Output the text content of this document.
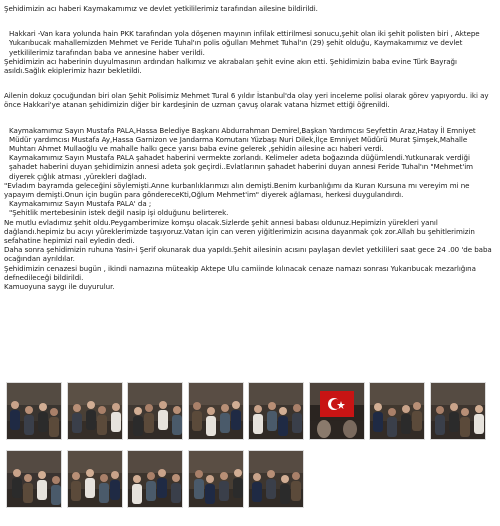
Şehidimizin acı haberi Kaymakamımız ve devlet yetkililerimiz tarafından ailesine bildirildi.

Hakkari -Van kara yolunda hain PKK tarafından yola döşenen mayının infilak ettirilmesi sonucu,şehit olan iki şehit polisten biri , Aktepe Yukarıbucak mahallemizden Mehmet ve Feride Tuhal'ın polis oğulları Mehmet Tuhal'ın (29) şehit olduğu, Kaymakamımız ve devlet yetkililerimiz tarafından baba ve annesine haber verildi.

Şehidimizin acı haberinin duyulmasının ardından halkımız ve akrabaları şehit evine akın etti. Şehidimizin baba evine Türk Bayrağı asıldı.Sağlık ekiplerimiz hazır bekletildi.

Ailenin dokuz çocuğundan biri olan Şehit Polisimiz Mehmet Tural 6 yıldır İstanbul'da olay yeri inceleme polisi olarak görev yapıyordu. iki ay önce Hakkari'ye atanan şehidimizin diğer bir kardeşinin de uzman çavuş olarak vatana hizmet ettiği öğrenildi.

Kaymakamımız Sayın Mustafa PALA,Hassa Belediye Başkanı Abdurrahman Demirel,Başkan Yardımcısı Seyfettin Araz,Hatay İl Emniyet Müdür yardımcısı Mustafa Ay,Hassa Garnizon ve Jandarma Komutanı Yüzbaşı Nuri Dilek,İlçe Emniyet Müdürü Murat Şimşek,Mahalle Muhtarı Ahmet Mullaoğlu ve mahalle halkı gece yarısı baba evine gelerek ,şehidin ailesine acı haberi verdi.

Kaymakamımız Sayın Mustafa PALA şahadet haberini vermekte zorlandı. Kelimeler adeta boğazında düğümlendi.Yutkunarak verdiği şahadet haberini duyan şehidimizin annesi adeta şok geçirdi..Evlatlarının şahadet haberini duyan annesi Feride Tuhal'ın "Mehmet'im diyerek çığlık atması ,yürekleri dağladı.

"Evladım bayramda geleceğini söylemişti.Anne kurbanlıklarımızı alın demişti.Benim kurbanlığımı da Kuran Kursuna mı vereyim mi ne yapayım demişti.Onun için bugün para göndereceKti,Oğlum Mehmet'im" diyerek ağlaması, herkesi duygulandırdı.

Kaymakamımız Sayın Mustafa PALA' da ;

"Şehitlik mertebesinin istek değil nasip işi olduğunu belirterek.

Ne mutlu evladımız şehit oldu.Peygamberimize komşu olacak.Sizlerde şehit annesi babası oldunuz.Hepimizin yürekleri yanıl dağlandı.hepimiz bu acıyı yüreklerimizde taşıyoruz.Vatan için can veren yiğitlerimizin acısına dayanmak çok zor.Allah bu şehitlerimizin sefahatine hepimizi nail eyledin dedi.

Daha sonra şehidimizin ruhuna Yasin-i Şerif okunarak dua yapıldı.Şehit ailesinin acısını paylaşan devlet yetkilileri saat gece 24 .00 'de baba ocağından ayrıldılar.

Şehidimizin cenazesi bugün , ikindi namazına müteakip Aktepe Ulu camiinde kılınacak cenaze namazı sonrası Yukarıbucak mezarlığına defnedileceği bildirildi.

Kamuoyuna saygı ile duyurulur.
